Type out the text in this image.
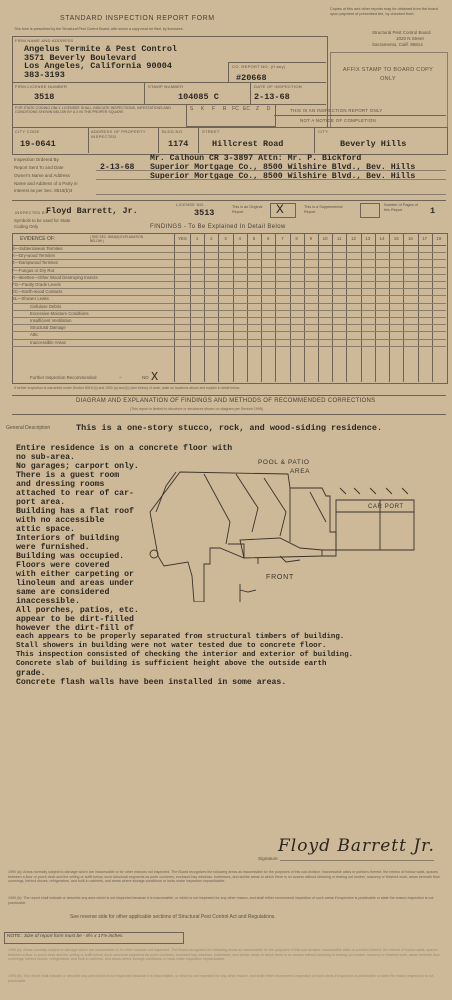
STANDARD INSPECTION REPORT FORM
This form is prescribed by the Structural Pest Control Board, with whom a copy must be filed, by licensees.
Copies of this and other reports may be obtained from the board upon payment of prescribed fee, by checked from:
Structural Pest Control Board
1020 N Street
Sacramento, Calif. 95814
AFFIX STAMP TO BOARD COPY ONLY
FIRM NAME AND ADDRESS
Angelus Termite & Pest Control
3571 Beverly Boulevard
Los Angeles, California 90004
383-3193
CO. REPORT NO. (If any)
#20668
FIRM LICENSE NUMBER
3518
STAMP NUMBER
104085 C
DATE OF INSPECTION
2-13-68
FOR STATE CODING ONLY, LICENSEE SHALL INDICATE INSPECTIONS, INFESTATIONS AND CONDITIONS SHOWN BELOW BY A X IN THE PROPER SQUARE
S	K	F	R	FC EC	Z	D	THIS IS AN INSPECTION REPORT ONLY
NOT A NOTICE OF COMPLETION
CITY CODE
19-0641
ADDRESS OF PROPERTY INSPECTED
BLDG.NO.
1174
STREET
Hillcrest Road
CITY
Beverly Hills
Inspection Ordered By	Mr. Calhoun CR 3-3897 Attn: Mr. P. Bickford
Report Sent To and Date	2-13-68 Superior Mortgage Co., 8500 Wilshire Blvd., Bev. Hills
Owner's Name and Address	Superior Mortgage Co., 8500 Wilshire Blvd., Bev. Hills
Name and Address of a Party in
Interest as per Sec. 8516(b)3
INSPECTED BY
Floyd Barrett, Jr.
LICENSE NO.
3513
This is an Original Report	X	This is a Supplemental Report
Number of Pages of this Report	1
Symbols to be used for State Coding Only	FINDINGS - To Be Explained In Detail Below
EVIDENCE OF:	( SEE SEC. 8516(b) EXPLANATION BELOW )	YES	1	2	3	4	5	6	7	8	9	10	11	12	13	14	15	16	17	18
S—Subterranean Termites
K—Dry-wood Termites
Z—Dampwood Termites
F—Fungus or Dry Rot
R—Beetles—Other Wood Destroying Insects
FG—Faulty Grade Levels
EC—Earth-wood Contacts
SL—Shower Leaks
Cellulose Debris
Excessive Moisture Conditions
Insufficient Ventilation
Structural Damage
Attic
Inaccessible Areas
Further Inspection Recommended	→	NO X
If further inspection is warranted under Section 8516 (b) and 1990 (a) and (b) (see below) of code, state on locations above and explain in detail below.
DIAGRAM AND EXPLANATION OF FINDINGS AND METHODS OF RECOMMENDED CORRECTIONS
(This report is limited to structure or structures shown on diagram per Section 1995)
General Description	This is a one-story stucco, rock, and wood-siding residence.
POOL & PATIO
AREA
CAR PORT
FRONT
Entire residence is on a concrete floor with
no sub-area.
No garages; carport only.
There is a guest room
and dressing rooms
attached to rear of car-
port area.
Building has a flat roof
with no accessible
attic space.
Interiors of building
were furnished.
Building was occupied.
Floors were covered
with either carpeting or
linoleum and areas under
same are considered
inaccessible.
All porches, patios, etc.
appear to be dirt-filled
however the dirt-fill of
each appears to be properly separated from structural timbers of building.
Stall showers in building were not water tested due to concrete floor.
This inspection consisted of checking the interior and exterior of building.
Concrete slab of building is sufficient height above the outside earth
grade.
Concrete flash walls have been installed in some areas.
Signature
Floyd Barrett Jr.
1990 (a): Areas normally subject to damage which are inaccessible or for other reasons not inspected. The Board recognizes the following areas as inaccessible for the purposes of this sub-division: inaccessible attics or portions thereof, the interior of hollow walls, spaces between a floor or porch deck and the ceiling or soffit below, such structural segments as porte cocheres, enclosed bay windows, buttresses, and similar areas to which there is no access without defacing or tearing out lumber, masonry or finished work; areas beneath floor coverings, behind stoves, refrigerators, and built-in cabinets, and areas where storage conditions or locks make inspection impracticable.
1990 (b): The report shall indicate or describe any area which is not inspected because it is inaccessible, or which is not inspected for any other reason, and shall either recommend inspection of such areas if inspection is practicable or state the reason inspection is not practicable.
See reverse side for other applicable sections of Structural Pest Control Act and Regulations.
NOTE: Size of report form must be - 8½ x 17⅞ inches.
1990 (a): Areas normally subject to damage which are inaccessible or for other reasons not inspected. The Board recognizes the following areas as inaccessible for the purposes of this sub-division: inaccessible attics or portions thereof, the interior of hollow walls, spaces between a floor or porch deck and the ceiling or soffit below, such structural segments as porte cocheres, enclosed bay windows, buttresses, and similar areas to which there is no access without defacing or tearing out lumber, masonry or finished work; areas beneath floor coverings, behind stoves, refrigerators, and built-in cabinets, and areas where storage conditions or locks make inspection impracticable.
1990 (b): The report shall indicate or describe any area which is not inspected because it is inaccessible, or which is not inspected for any other reason, and shall either recommend inspection of such areas if inspection is practicable or state the reason inspection is not practicable.
